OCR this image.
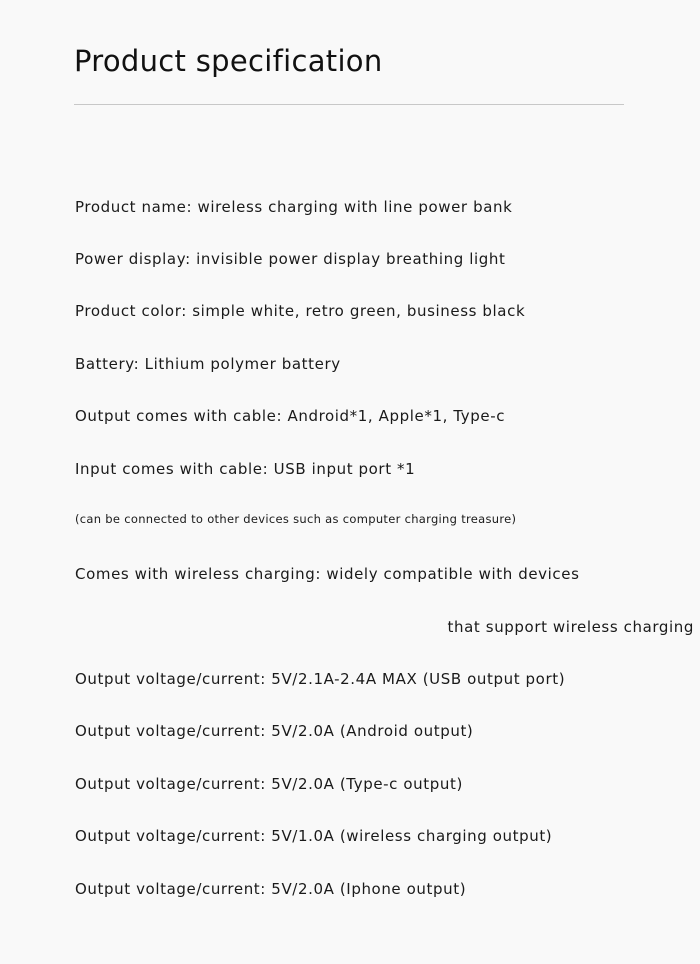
Product specification

Product name: wireless charging with line power bank

Power display: invisible power display breathing light

Product color: simple white, retro green, business black

Battery: Lithium polymer battery

Output comes with cable: Android*1, Apple*1, Type-c

Input comes with cable: USB input port *1

(can be connected to other devices such as computer charging treasure)

Comes with wireless charging: widely compatible with devices

that support wireless charging

Output voltage/current: 5V/2.1A-2.4A MAX (USB output port)

Output voltage/current: 5V/2.0A (Android output)

Output voltage/current: 5V/2.0A (Type-c output)

Output voltage/current: 5V/1.0A (wireless charging output)

Output voltage/current: 5V/2.0A (Iphone output)
